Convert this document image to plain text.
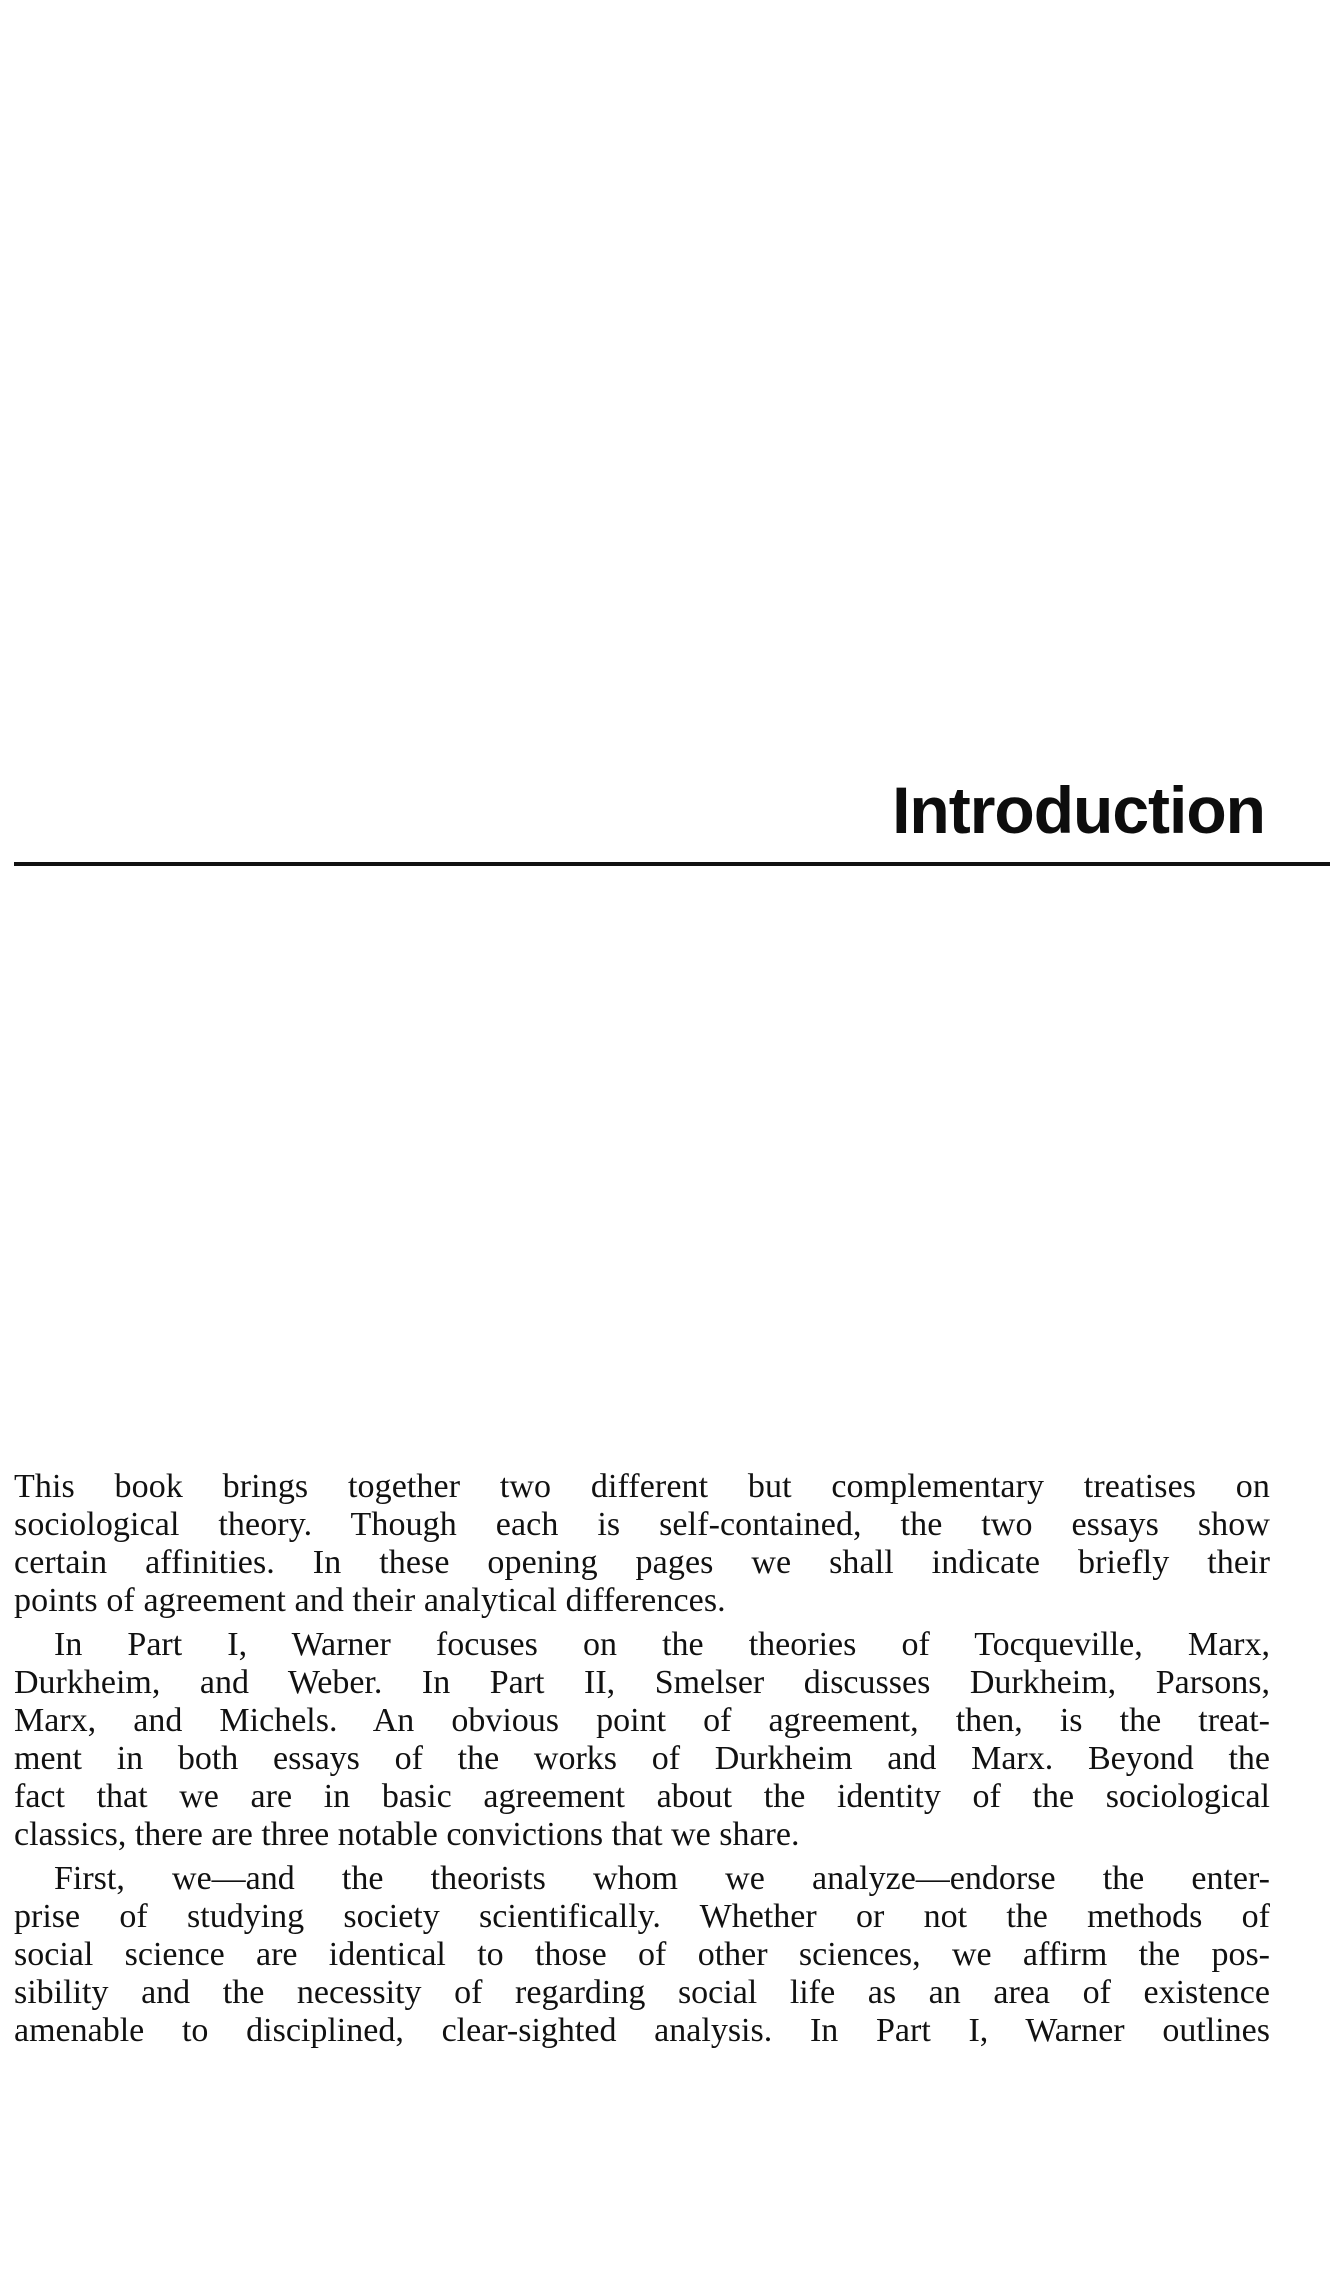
Introduction

This book brings together two different but complementary treatises on
sociological theory. Though each is self-contained, the two essays show
certain affinities. In these opening pages we shall indicate briefly their
points of agreement and their analytical differences.

In Part I, Warner focuses on the theories of Tocqueville, Marx,
Durkheim, and Weber. In Part II, Smelser discusses Durkheim, Parsons,
Marx, and Michels. An obvious point of agreement, then, is the treat-
ment in both essays of the works of Durkheim and Marx. Beyond the
fact that we are in basic agreement about the identity of the sociological
classics, there are three notable convictions that we share.

First, we—and the theorists whom we analyze—endorse the enter-
prise of studying society scientifically. Whether or not the methods of
social science are identical to those of other sciences, we affirm the pos-
sibility and the necessity of regarding social life as an area of existence
amenable to disciplined, clear-sighted analysis. In Part I, Warner outlines
